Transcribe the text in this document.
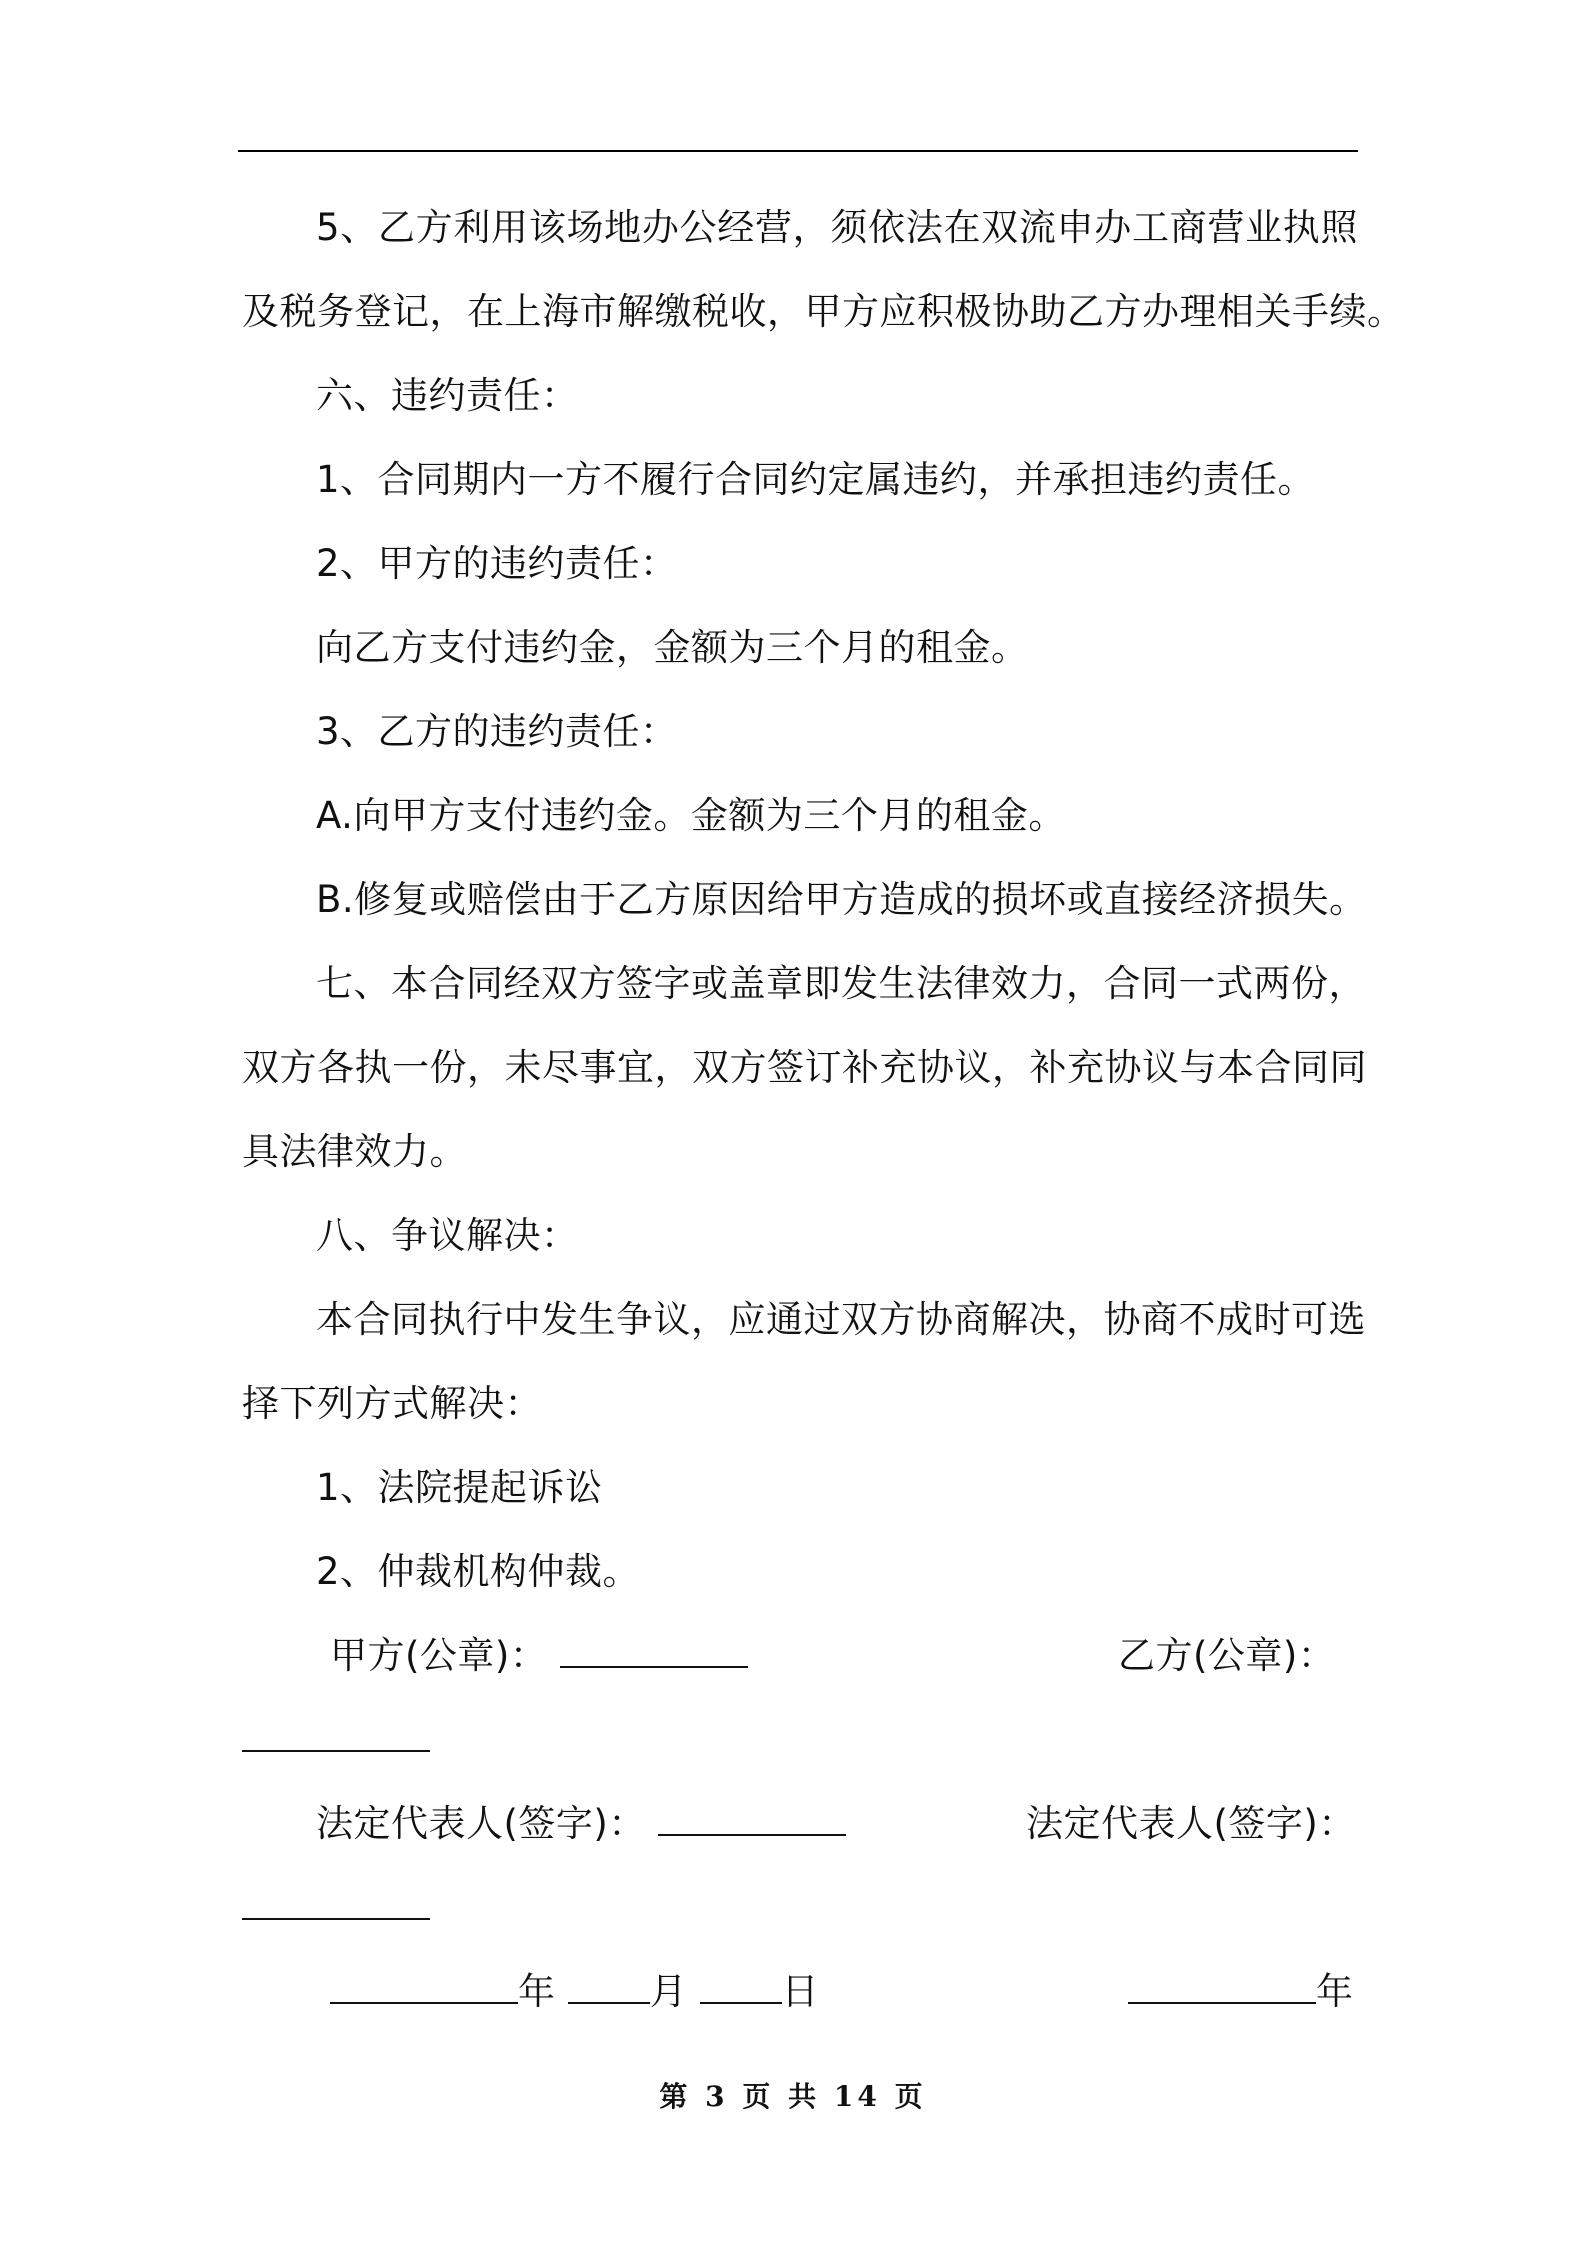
5、乙方利用该场地办公经营，须依法在双流申办工商营业执照
及税务登记，在上海市解缴税收，甲方应积极协助乙方办理相关手续。
六、违约责任：
1、合同期内一方不履行合同约定属违约，并承担违约责任。
2、甲方的违约责任：
向乙方支付违约金，金额为三个月的租金。
3、乙方的违约责任：
A.向甲方支付违约金。金额为三个月的租金。
B.修复或赔偿由于乙方原因给甲方造成的损坏或直接经济损失。
七、本合同经双方签字或盖章即发生法律效力，合同一式两份，
双方各执一份，未尽事宜，双方签订补充协议，补充协议与本合同同
具法律效力。
八、争议解决：
本合同执行中发生争议，应通过双方协商解决，协商不成时可选
择下列方式解决：
1、法院提起诉讼
2、仲裁机构仲裁。
甲方(公章)：	乙方(公章)：
法定代表人(签字)：	法定代表人(签字)：
年	月	日	年
第 3 页 共 14 页
